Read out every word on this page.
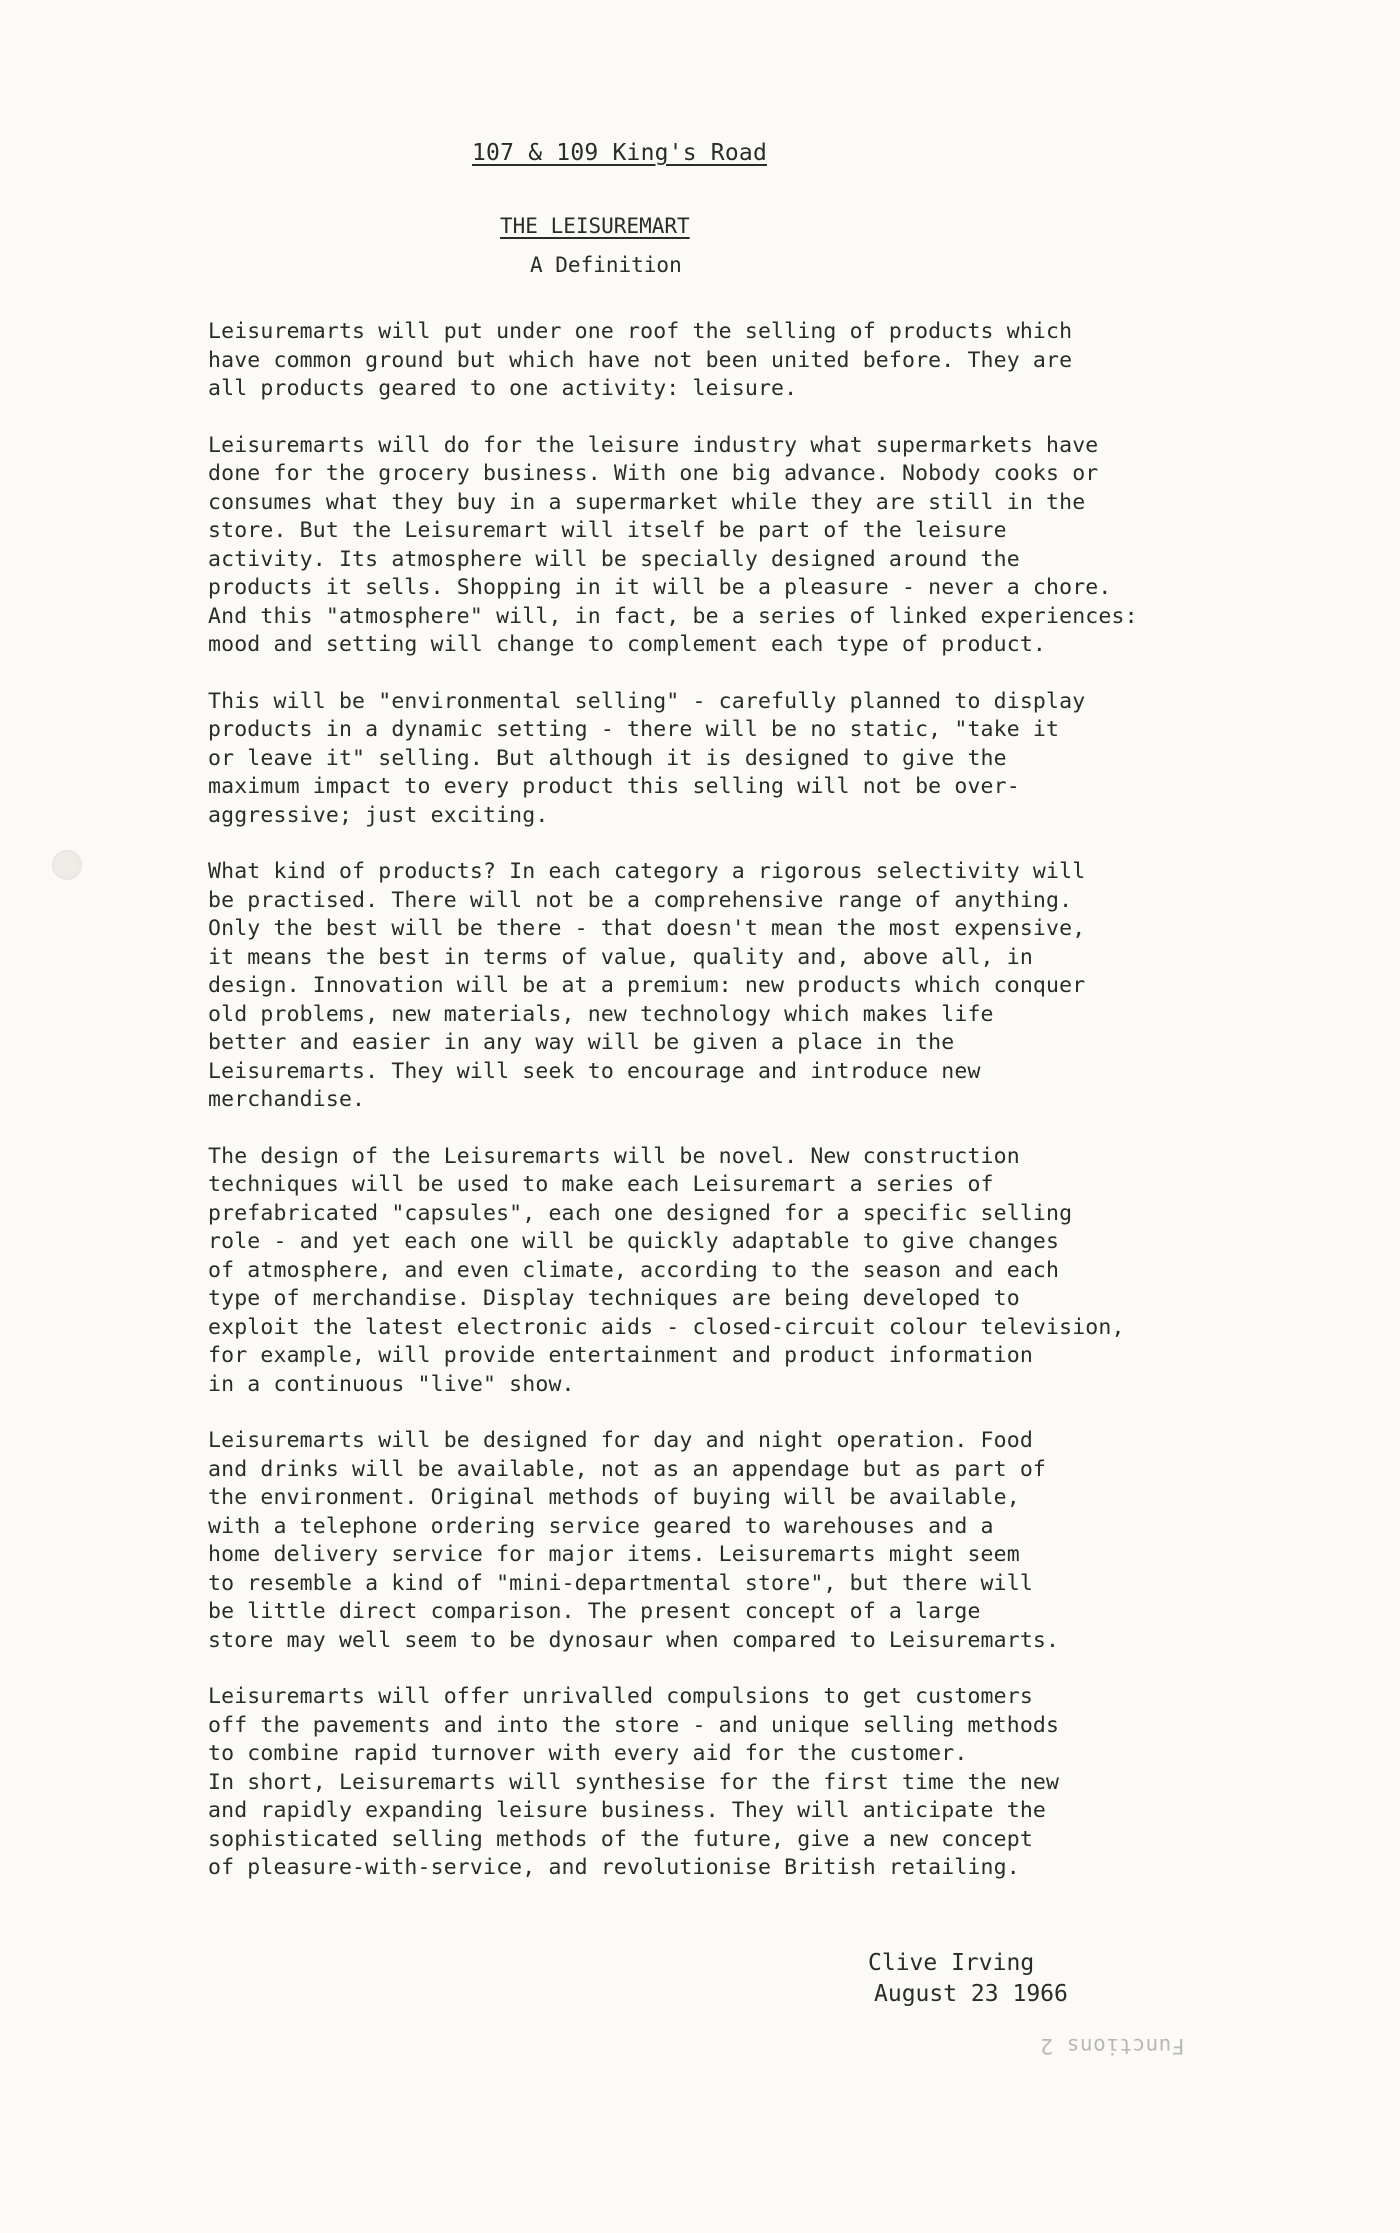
107 & 109 King's Road
THE LEISUREMART
A Definition

Leisuremarts will put under one roof the selling of products which
have common ground but which have not been united before. They are
all products geared to one activity: leisure.

Leisuremarts will do for the leisure industry what supermarkets have
done for the grocery business. With one big advance. Nobody cooks or
consumes what they buy in a supermarket while they are still in the
store. But the Leisuremart will itself be part of the leisure
activity. Its atmosphere will be specially designed around the
products it sells. Shopping in it will be a pleasure - never a chore.
And this "atmosphere" will, in fact, be a series of linked experiences:
mood and setting will change to complement each type of product.

This will be "environmental selling" - carefully planned to display
products in a dynamic setting - there will be no static, "take it
or leave it" selling. But although it is designed to give the
maximum impact to every product this selling will not be over-
aggressive; just exciting.

What kind of products? In each category a rigorous selectivity will
be practised. There will not be a comprehensive range of anything.
Only the best will be there - that doesn't mean the most expensive,
it means the best in terms of value, quality and, above all, in
design. Innovation will be at a premium: new products which conquer
old problems, new materials, new technology which makes life
better and easier in any way will be given a place in the
Leisuremarts. They will seek to encourage and introduce new
merchandise.

The design of the Leisuremarts will be novel. New construction
techniques will be used to make each Leisuremart a series of
prefabricated "capsules", each one designed for a specific selling
role - and yet each one will be quickly adaptable to give changes
of atmosphere, and even climate, according to the season and each
type of merchandise. Display techniques are being developed to
exploit the latest electronic aids - closed-circuit colour television,
for example, will provide entertainment and product information
in a continuous "live" show.

Leisuremarts will be designed for day and night operation. Food
and drinks will be available, not as an appendage but as part of
the environment. Original methods of buying will be available,
with a telephone ordering service geared to warehouses and a
home delivery service for major items. Leisuremarts might seem
to resemble a kind of "mini-departmental store", but there will
be little direct comparison. The present concept of a large
store may well seem to be dynosaur when compared to Leisuremarts.

Leisuremarts will offer unrivalled compulsions to get customers
off the pavements and into the store - and unique selling methods
to combine rapid turnover with every aid for the customer.
In short, Leisuremarts will synthesise for the first time the new
and rapidly expanding leisure business. They will anticipate the
sophisticated selling methods of the future, give a new concept
of pleasure-with-service, and revolutionise British retailing.

Clive Irving
August 23 1966
Functions 2
